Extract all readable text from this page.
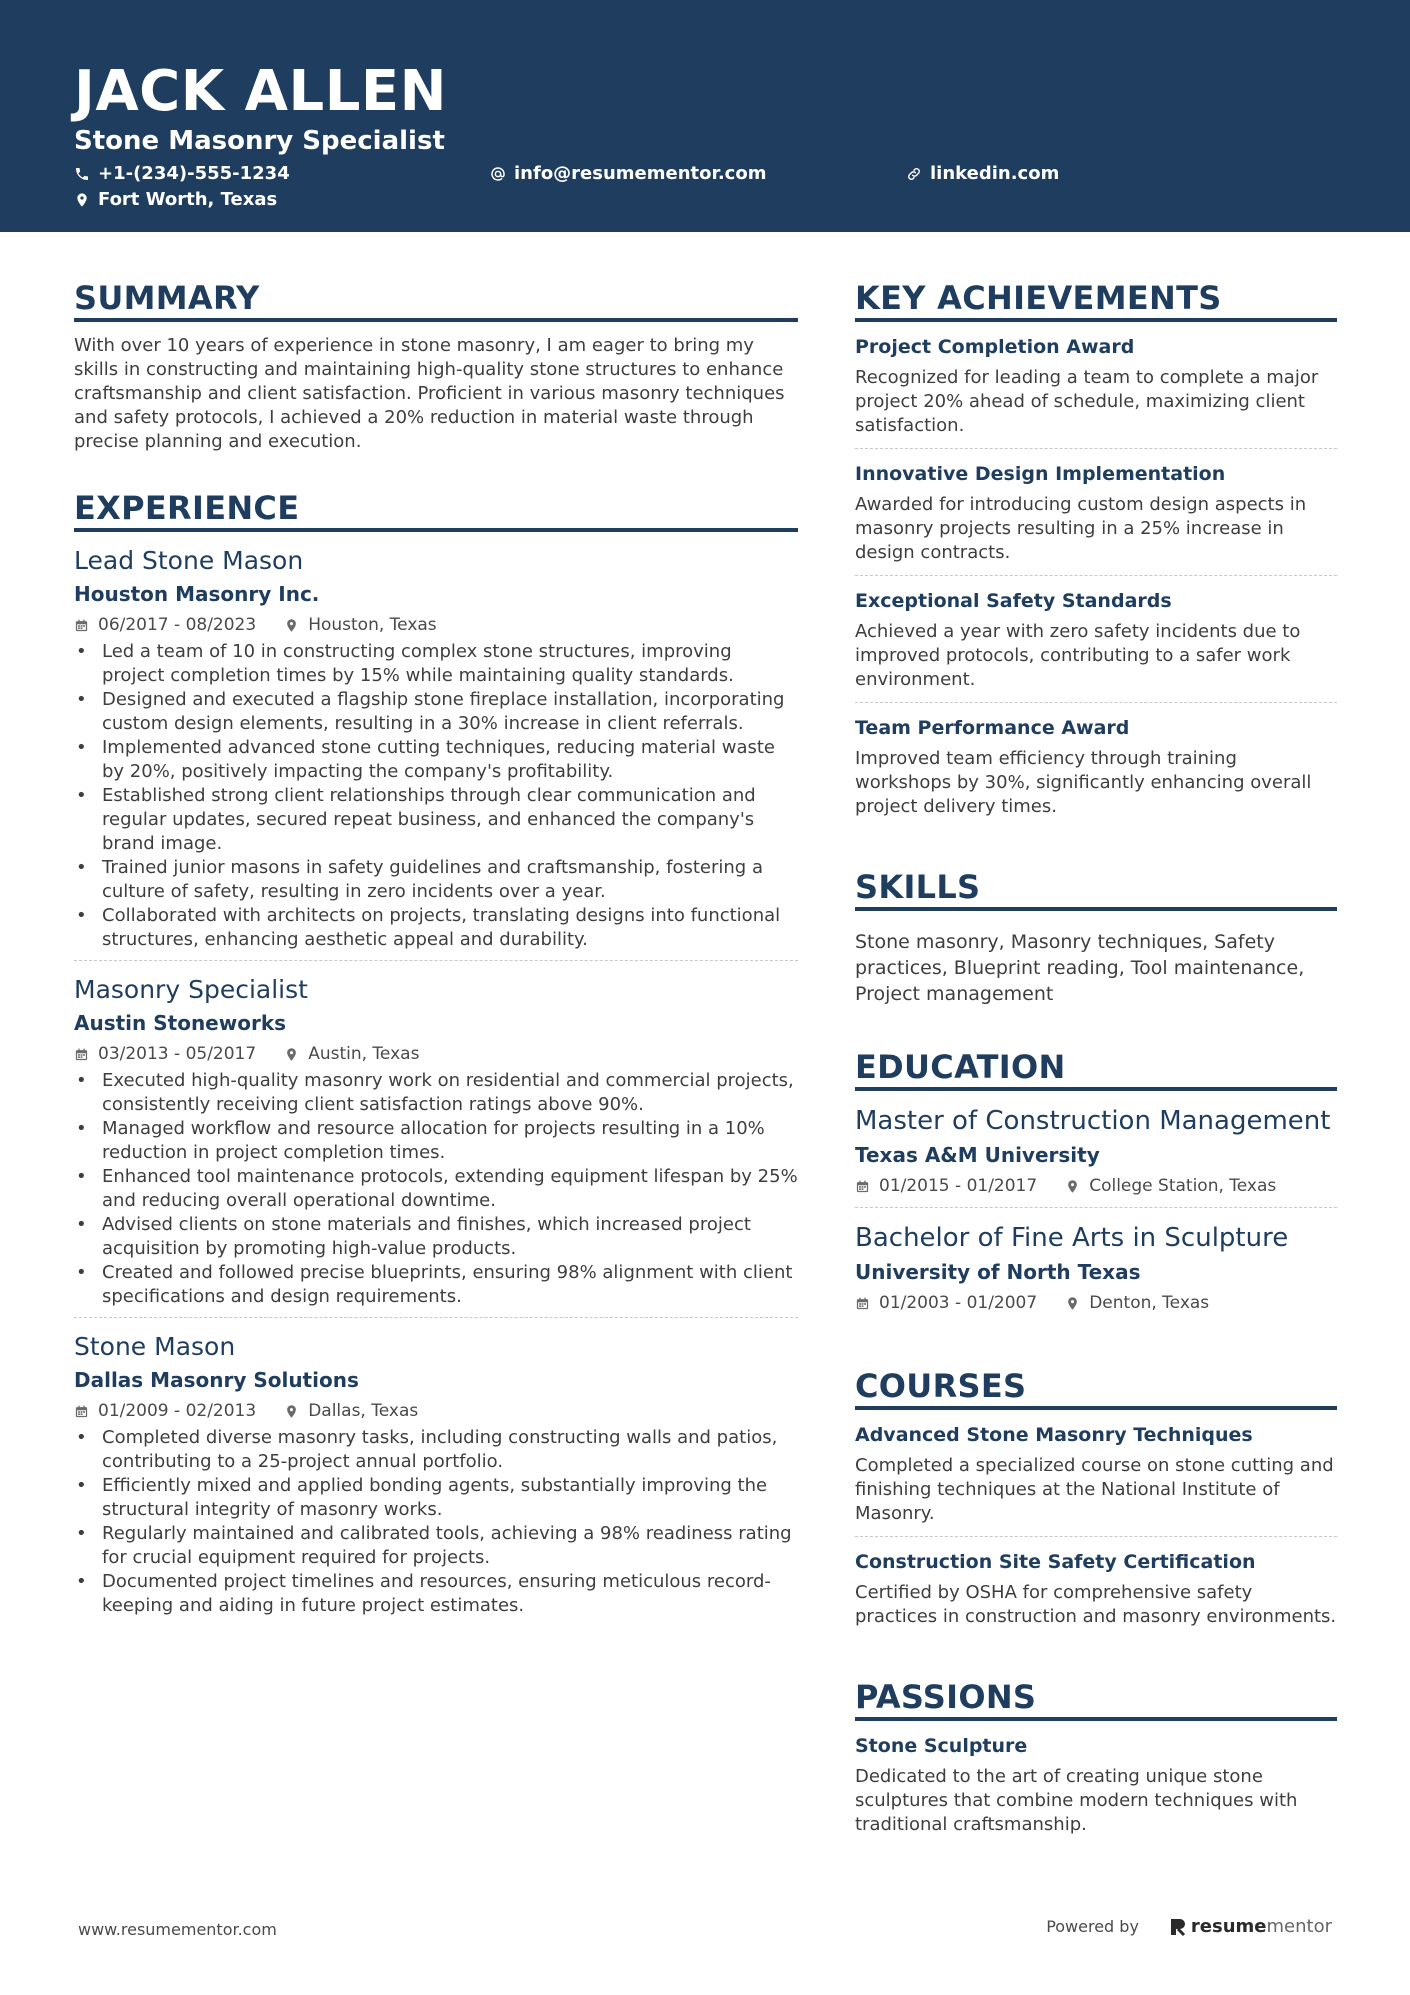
JACK ALLEN
Stone Masonry Specialist
+1-(234)-555-1234	info@resumementor.com	linkedin.com
Fort Worth, Texas
SUMMARY
With over 10 years of experience in stone masonry, I am eager to bring my skills in constructing and maintaining high-quality stone structures to enhance craftsmanship and client satisfaction. Proficient in various masonry techniques and safety protocols, I achieved a 20% reduction in material waste through precise planning and execution.
EXPERIENCE
Lead Stone Mason
Houston Masonry Inc.
06/2017 - 08/2023	Houston, Texas
• Led a team of 10 in constructing complex stone structures, improving project completion times by 15% while maintaining quality standards.
• Designed and executed a flagship stone fireplace installation, incorporating custom design elements, resulting in a 30% increase in client referrals.
• Implemented advanced stone cutting techniques, reducing material waste by 20%, positively impacting the company's profitability.
• Established strong client relationships through clear communication and regular updates, secured repeat business, and enhanced the company's brand image.
• Trained junior masons in safety guidelines and craftsmanship, fostering a culture of safety, resulting in zero incidents over a year.
• Collaborated with architects on projects, translating designs into functional structures, enhancing aesthetic appeal and durability.
Masonry Specialist
Austin Stoneworks
03/2013 - 05/2017	Austin, Texas
• Executed high-quality masonry work on residential and commercial projects, consistently receiving client satisfaction ratings above 90%.
• Managed workflow and resource allocation for projects resulting in a 10% reduction in project completion times.
• Enhanced tool maintenance protocols, extending equipment lifespan by 25% and reducing overall operational downtime.
• Advised clients on stone materials and finishes, which increased project acquisition by promoting high-value products.
• Created and followed precise blueprints, ensuring 98% alignment with client specifications and design requirements.
Stone Mason
Dallas Masonry Solutions
01/2009 - 02/2013	Dallas, Texas
• Completed diverse masonry tasks, including constructing walls and patios, contributing to a 25-project annual portfolio.
• Efficiently mixed and applied bonding agents, substantially improving the structural integrity of masonry works.
• Regularly maintained and calibrated tools, achieving a 98% readiness rating for crucial equipment required for projects.
• Documented project timelines and resources, ensuring meticulous record-keeping and aiding in future project estimates.
KEY ACHIEVEMENTS
Project Completion Award
Recognized for leading a team to complete a major project 20% ahead of schedule, maximizing client satisfaction.
Innovative Design Implementation
Awarded for introducing custom design aspects in masonry projects resulting in a 25% increase in design contracts.
Exceptional Safety Standards
Achieved a year with zero safety incidents due to improved protocols, contributing to a safer work environment.
Team Performance Award
Improved team efficiency through training workshops by 30%, significantly enhancing overall project delivery times.
SKILLS
Stone masonry, Masonry techniques, Safety practices, Blueprint reading, Tool maintenance, Project management
EDUCATION
Master of Construction Management
Texas A&M University
01/2015 - 01/2017	College Station, Texas
Bachelor of Fine Arts in Sculpture
University of North Texas
01/2003 - 01/2007	Denton, Texas
COURSES
Advanced Stone Masonry Techniques
Completed a specialized course on stone cutting and finishing techniques at the National Institute of Masonry.
Construction Site Safety Certification
Certified by OSHA for comprehensive safety practices in construction and masonry environments.
PASSIONS
Stone Sculpture
Dedicated to the art of creating unique stone sculptures that combine modern techniques with traditional craftsmanship.
www.resumementor.com	Powered by	resume mentor
